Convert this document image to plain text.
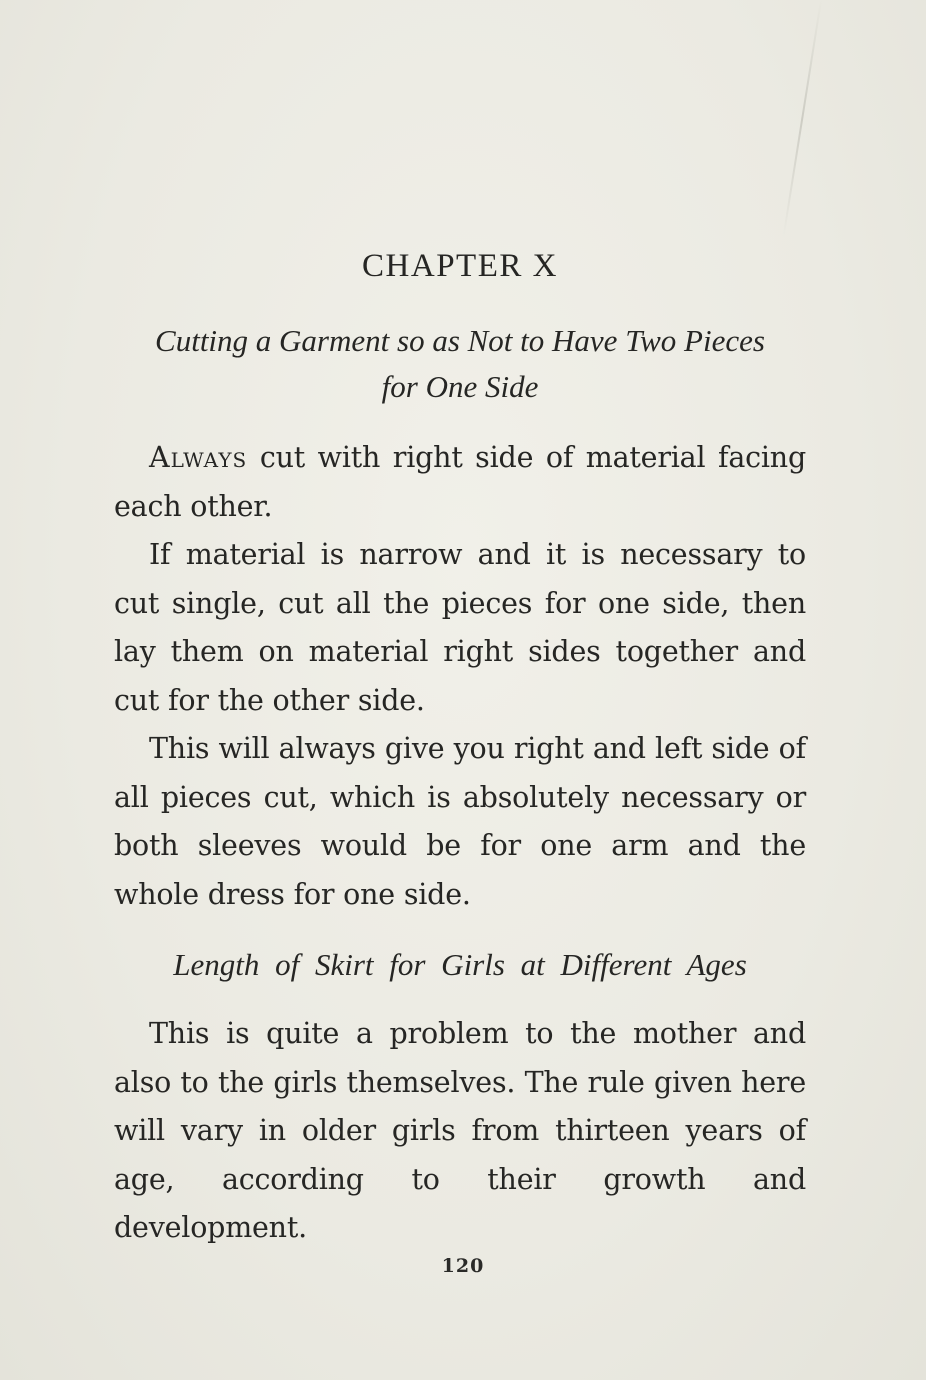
CHAPTER X
Cutting a Garment so as Not to Have Two Pieces
for One Side

Always cut with right side of material facing each other.

If material is narrow and it is necessary to cut single, cut all the pieces for one side, then lay them on material right sides together and cut for the other side.

This will always give you right and left side of all pieces cut, which is absolutely necessary or both sleeves would be for one arm and the whole dress for one side.

Length of Skirt for Girls at Different Ages

This is quite a problem to the mother and also to the girls themselves. The rule given here will vary in older girls from thirteen years of age, according to their growth and development.

120
